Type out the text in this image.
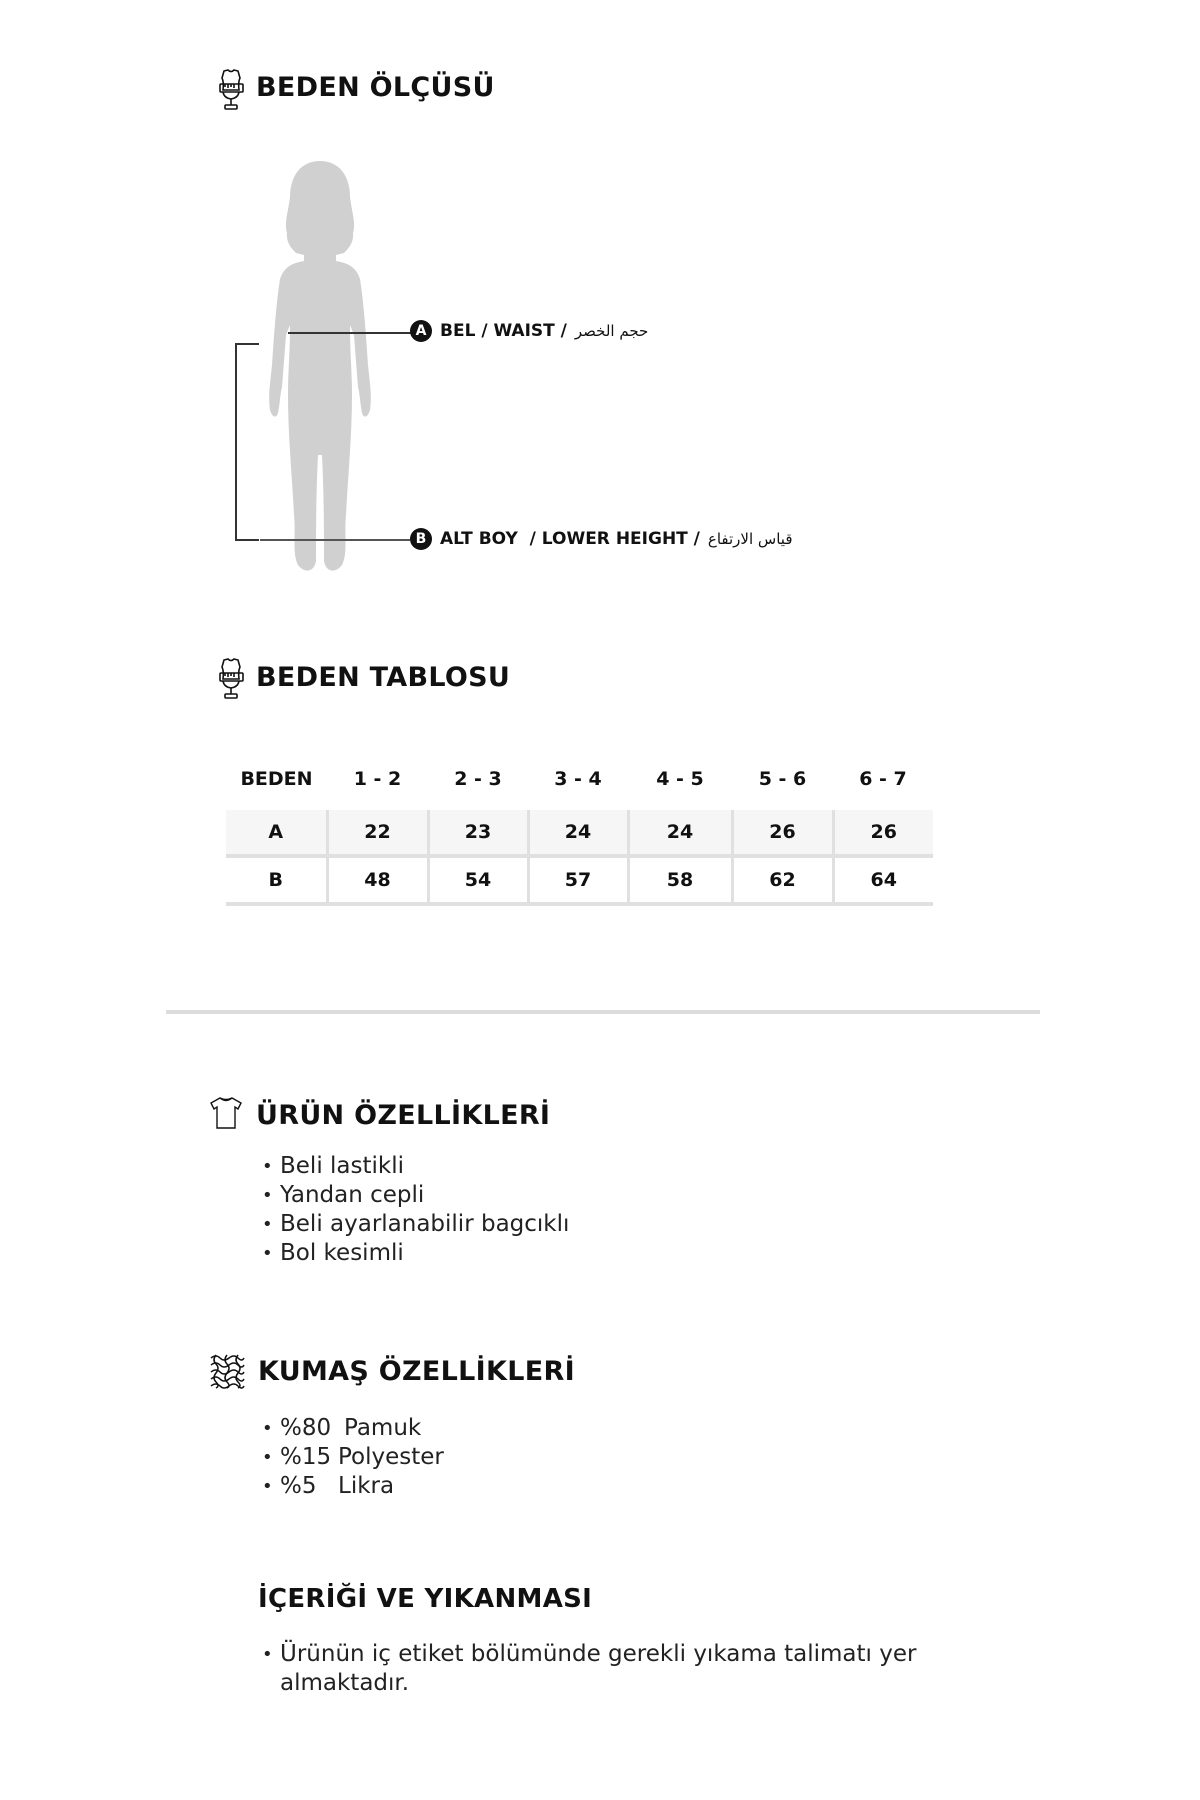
BEDEN ÖLÇÜSÜ
A BEL / WAIST / حجم الخصر
B ALT BOY  / LOWER HEIGHT / قياس الارتفاع
BEDEN TABLOSU
BEDEN	1 - 2	2 - 3	3 - 4	4 - 5	5 - 6	6 - 7

A	22	23	24	24	26	26
B	48	54	57	58	62	64
ÜRÜN ÖZELLİKLERİ
• Beli lastikli
• Yandan cepli
• Beli ayarlanabilir bagcıklı
• Bol kesimli
KUMAŞ ÖZELLİKLERİ
• %80 Pamuk
• %15 Polyester
• %5 Likra
İÇERİĞİ VE YIKANMASI
• Ürünün iç etiket bölümünde gerekli yıkama talimatı yer almaktadır.
